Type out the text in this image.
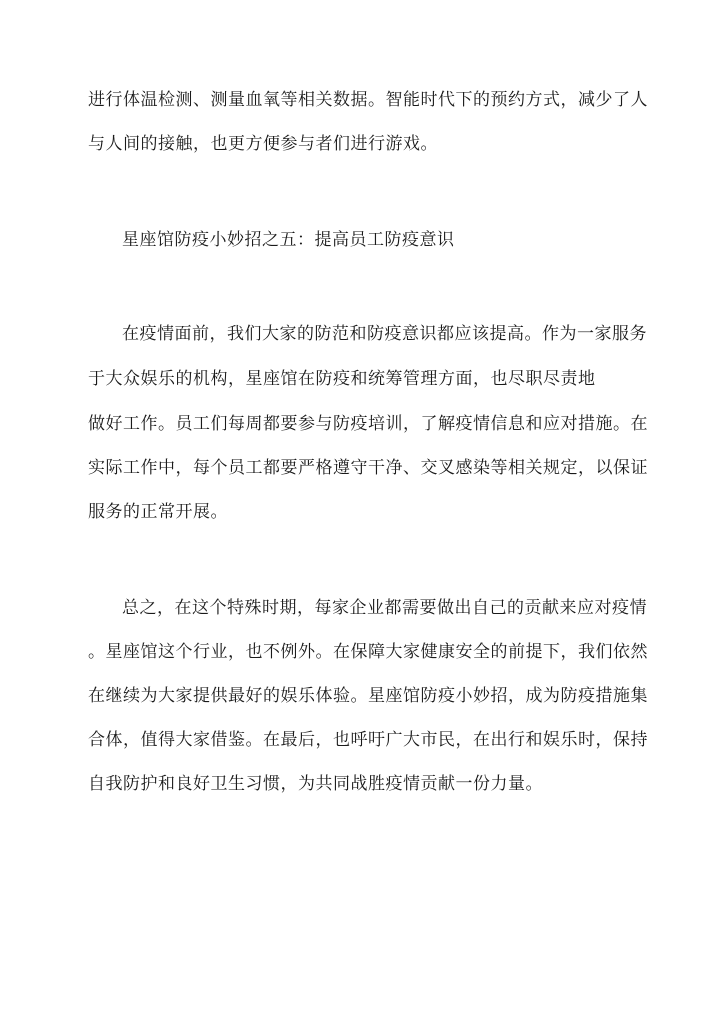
进行体温检测、测量血氧等相关数据。智能时代下的预约方式，减少了人
与人间的接触，也更方便参与者们进行游戏。
星座馆防疫小妙招之五：提高员工防疫意识
在疫情面前，我们大家的防范和防疫意识都应该提高。作为一家服务
于大众娱乐的机构，星座馆在防疫和统筹管理方面，也尽职尽责地
做好工作。员工们每周都要参与防疫培训，了解疫情信息和应对措施。在
实际工作中，每个员工都要严格遵守干净、交叉感染等相关规定，以保证
服务的正常开展。
总之，在这个特殊时期，每家企业都需要做出自己的贡献来应对疫情
。星座馆这个行业，也不例外。在保障大家健康安全的前提下，我们依然
在继续为大家提供最好的娱乐体验。星座馆防疫小妙招，成为防疫措施集
合体，值得大家借鉴。在最后，也呼吁广大市民，在出行和娱乐时，保持
自我防护和良好卫生习惯，为共同战胜疫情贡献一份力量。
